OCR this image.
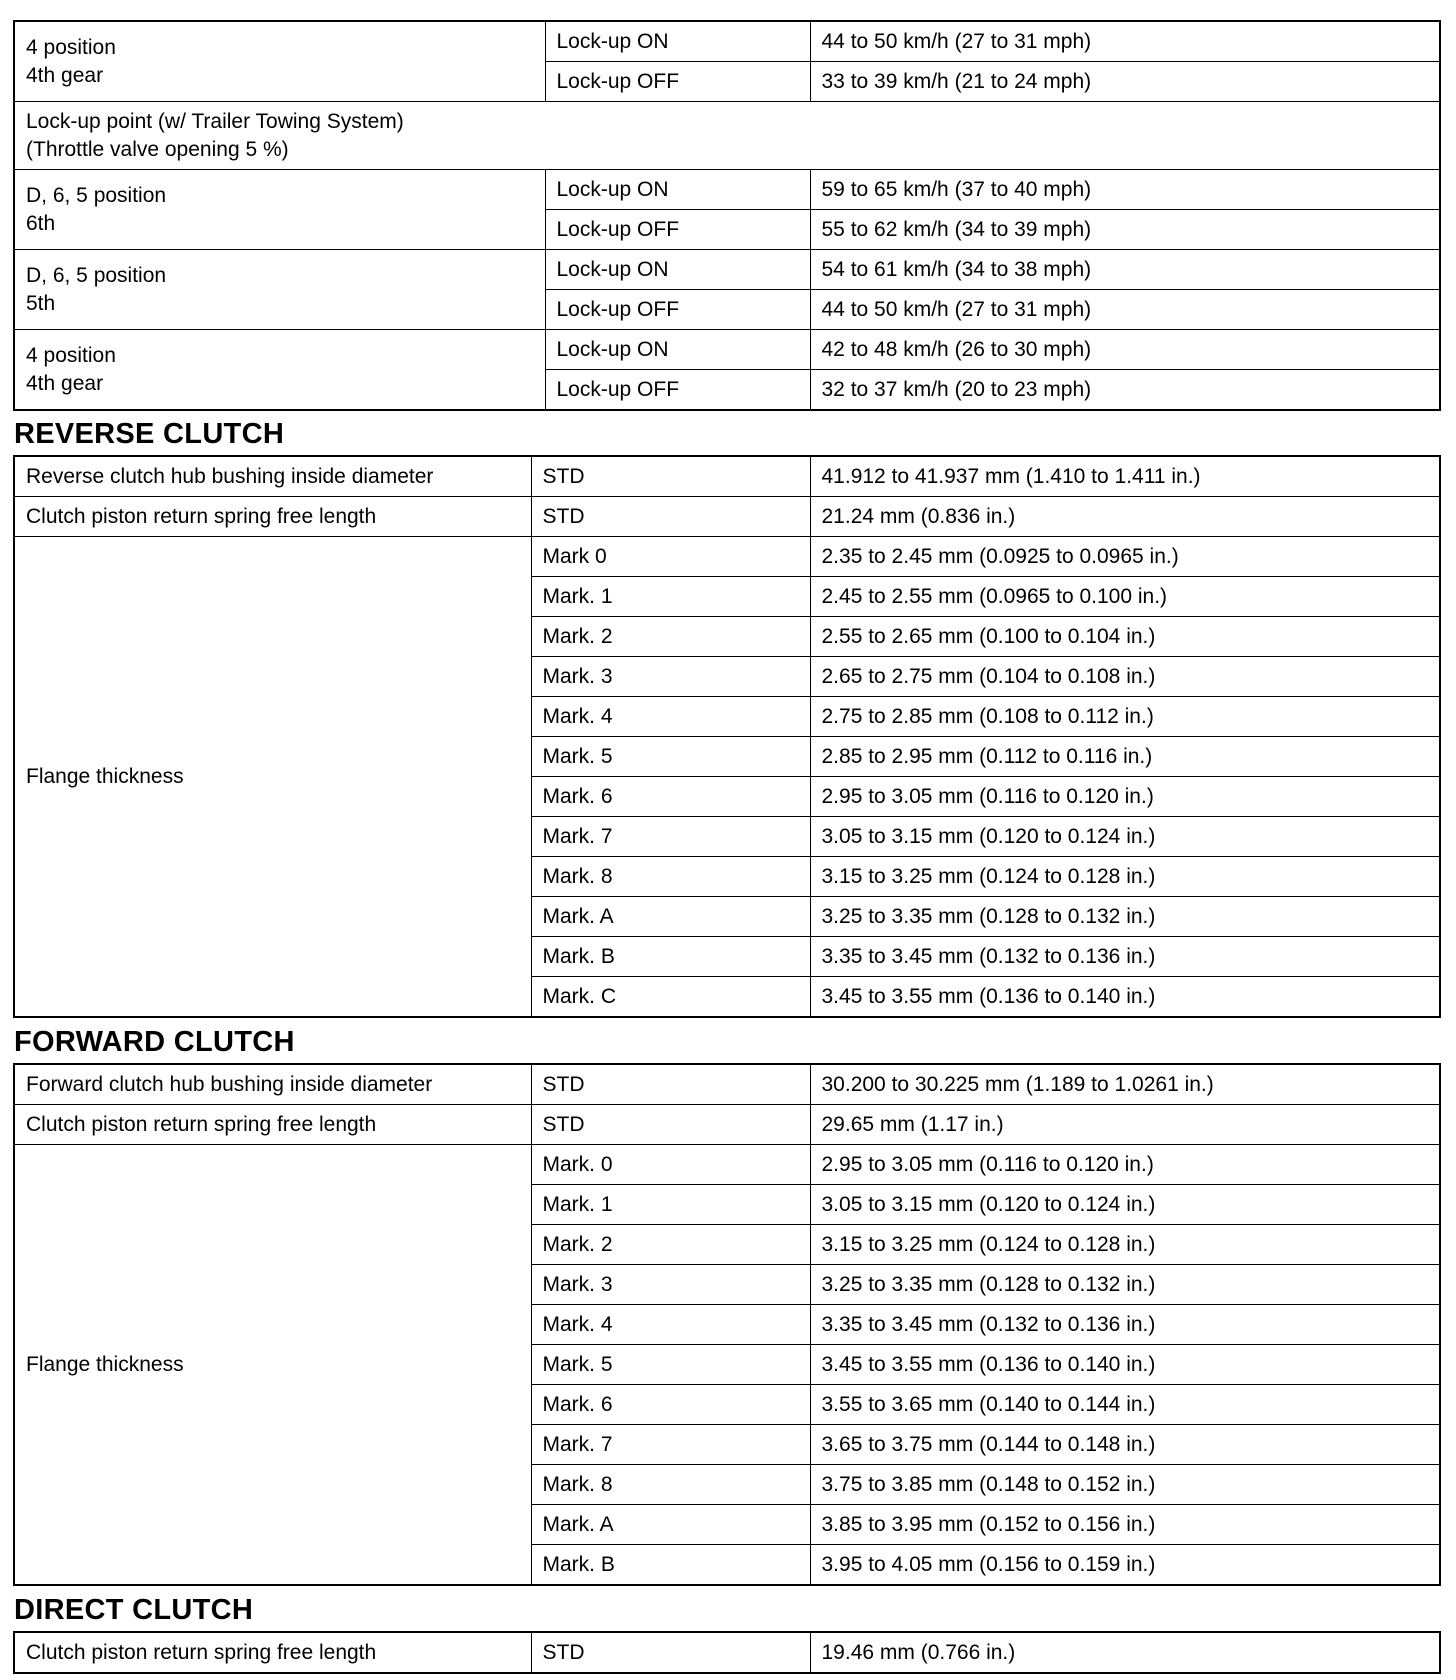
4 position
4th gear	Lock-up ON	44 to 50 km/h (27 to 31 mph)
	Lock-up OFF	33 to 39 km/h (21 to 24 mph)

Lock-up point (w/ Trailer Towing System)
(Throttle valve opening 5 %)		

D, 6, 5 position
6th	Lock-up ON	59 to 65 km/h (37 to 40 mph)
	Lock-up OFF	55 to 62 km/h (34 to 39 mph)

D, 6, 5 position
5th	Lock-up ON	54 to 61 km/h (34 to 38 mph)
	Lock-up OFF	44 to 50 km/h (27 to 31 mph)

4 position
4th gear	Lock-up ON	42 to 48 km/h (26 to 30 mph)
	Lock-up OFF	32 to 37 km/h (20 to 23 mph)
REVERSE CLUTCH
Reverse clutch hub bushing inside diameter	STD	41.912 to 41.937 mm (1.410 to 1.411 in.)
Clutch piston return spring free length	STD	21.24 mm (0.836 in.)
Flange thickness	Mark 0	2.35 to 2.45 mm (0.0925 to 0.0965 in.)
	Mark. 1	2.45 to 2.55 mm (0.0965 to 0.100 in.)
	Mark. 2	2.55 to 2.65 mm (0.100 to 0.104 in.)
	Mark. 3	2.65 to 2.75 mm (0.104 to 0.108 in.)
	Mark. 4	2.75 to 2.85 mm (0.108 to 0.112 in.)
	Mark. 5	2.85 to 2.95 mm (0.112 to 0.116 in.)
	Mark. 6	2.95 to 3.05 mm (0.116 to 0.120 in.)
	Mark. 7	3.05 to 3.15 mm (0.120 to 0.124 in.)
	Mark. 8	3.15 to 3.25 mm (0.124 to 0.128 in.)
	Mark. A	3.25 to 3.35 mm (0.128 to 0.132 in.)
	Mark. B	3.35 to 3.45 mm (0.132 to 0.136 in.)
	Mark. C	3.45 to 3.55 mm (0.136 to 0.140 in.)
FORWARD CLUTCH
Forward clutch hub bushing inside diameter	STD	30.200 to 30.225 mm (1.189 to 1.0261 in.)
Clutch piston return spring free length	STD	29.65 mm (1.17 in.)
Flange thickness	Mark. 0	2.95 to 3.05 mm (0.116 to 0.120 in.)
	Mark. 1	3.05 to 3.15 mm (0.120 to 0.124 in.)
	Mark. 2	3.15 to 3.25 mm (0.124 to 0.128 in.)
	Mark. 3	3.25 to 3.35 mm (0.128 to 0.132 in.)
	Mark. 4	3.35 to 3.45 mm (0.132 to 0.136 in.)
	Mark. 5	3.45 to 3.55 mm (0.136 to 0.140 in.)
	Mark. 6	3.55 to 3.65 mm (0.140 to 0.144 in.)
	Mark. 7	3.65 to 3.75 mm (0.144 to 0.148 in.)
	Mark. 8	3.75 to 3.85 mm (0.148 to 0.152 in.)
	Mark. A	3.85 to 3.95 mm (0.152 to 0.156 in.)
	Mark. B	3.95 to 4.05 mm (0.156 to 0.159 in.)
DIRECT CLUTCH
Clutch piston return spring free length	STD	19.46 mm (0.766 in.)
